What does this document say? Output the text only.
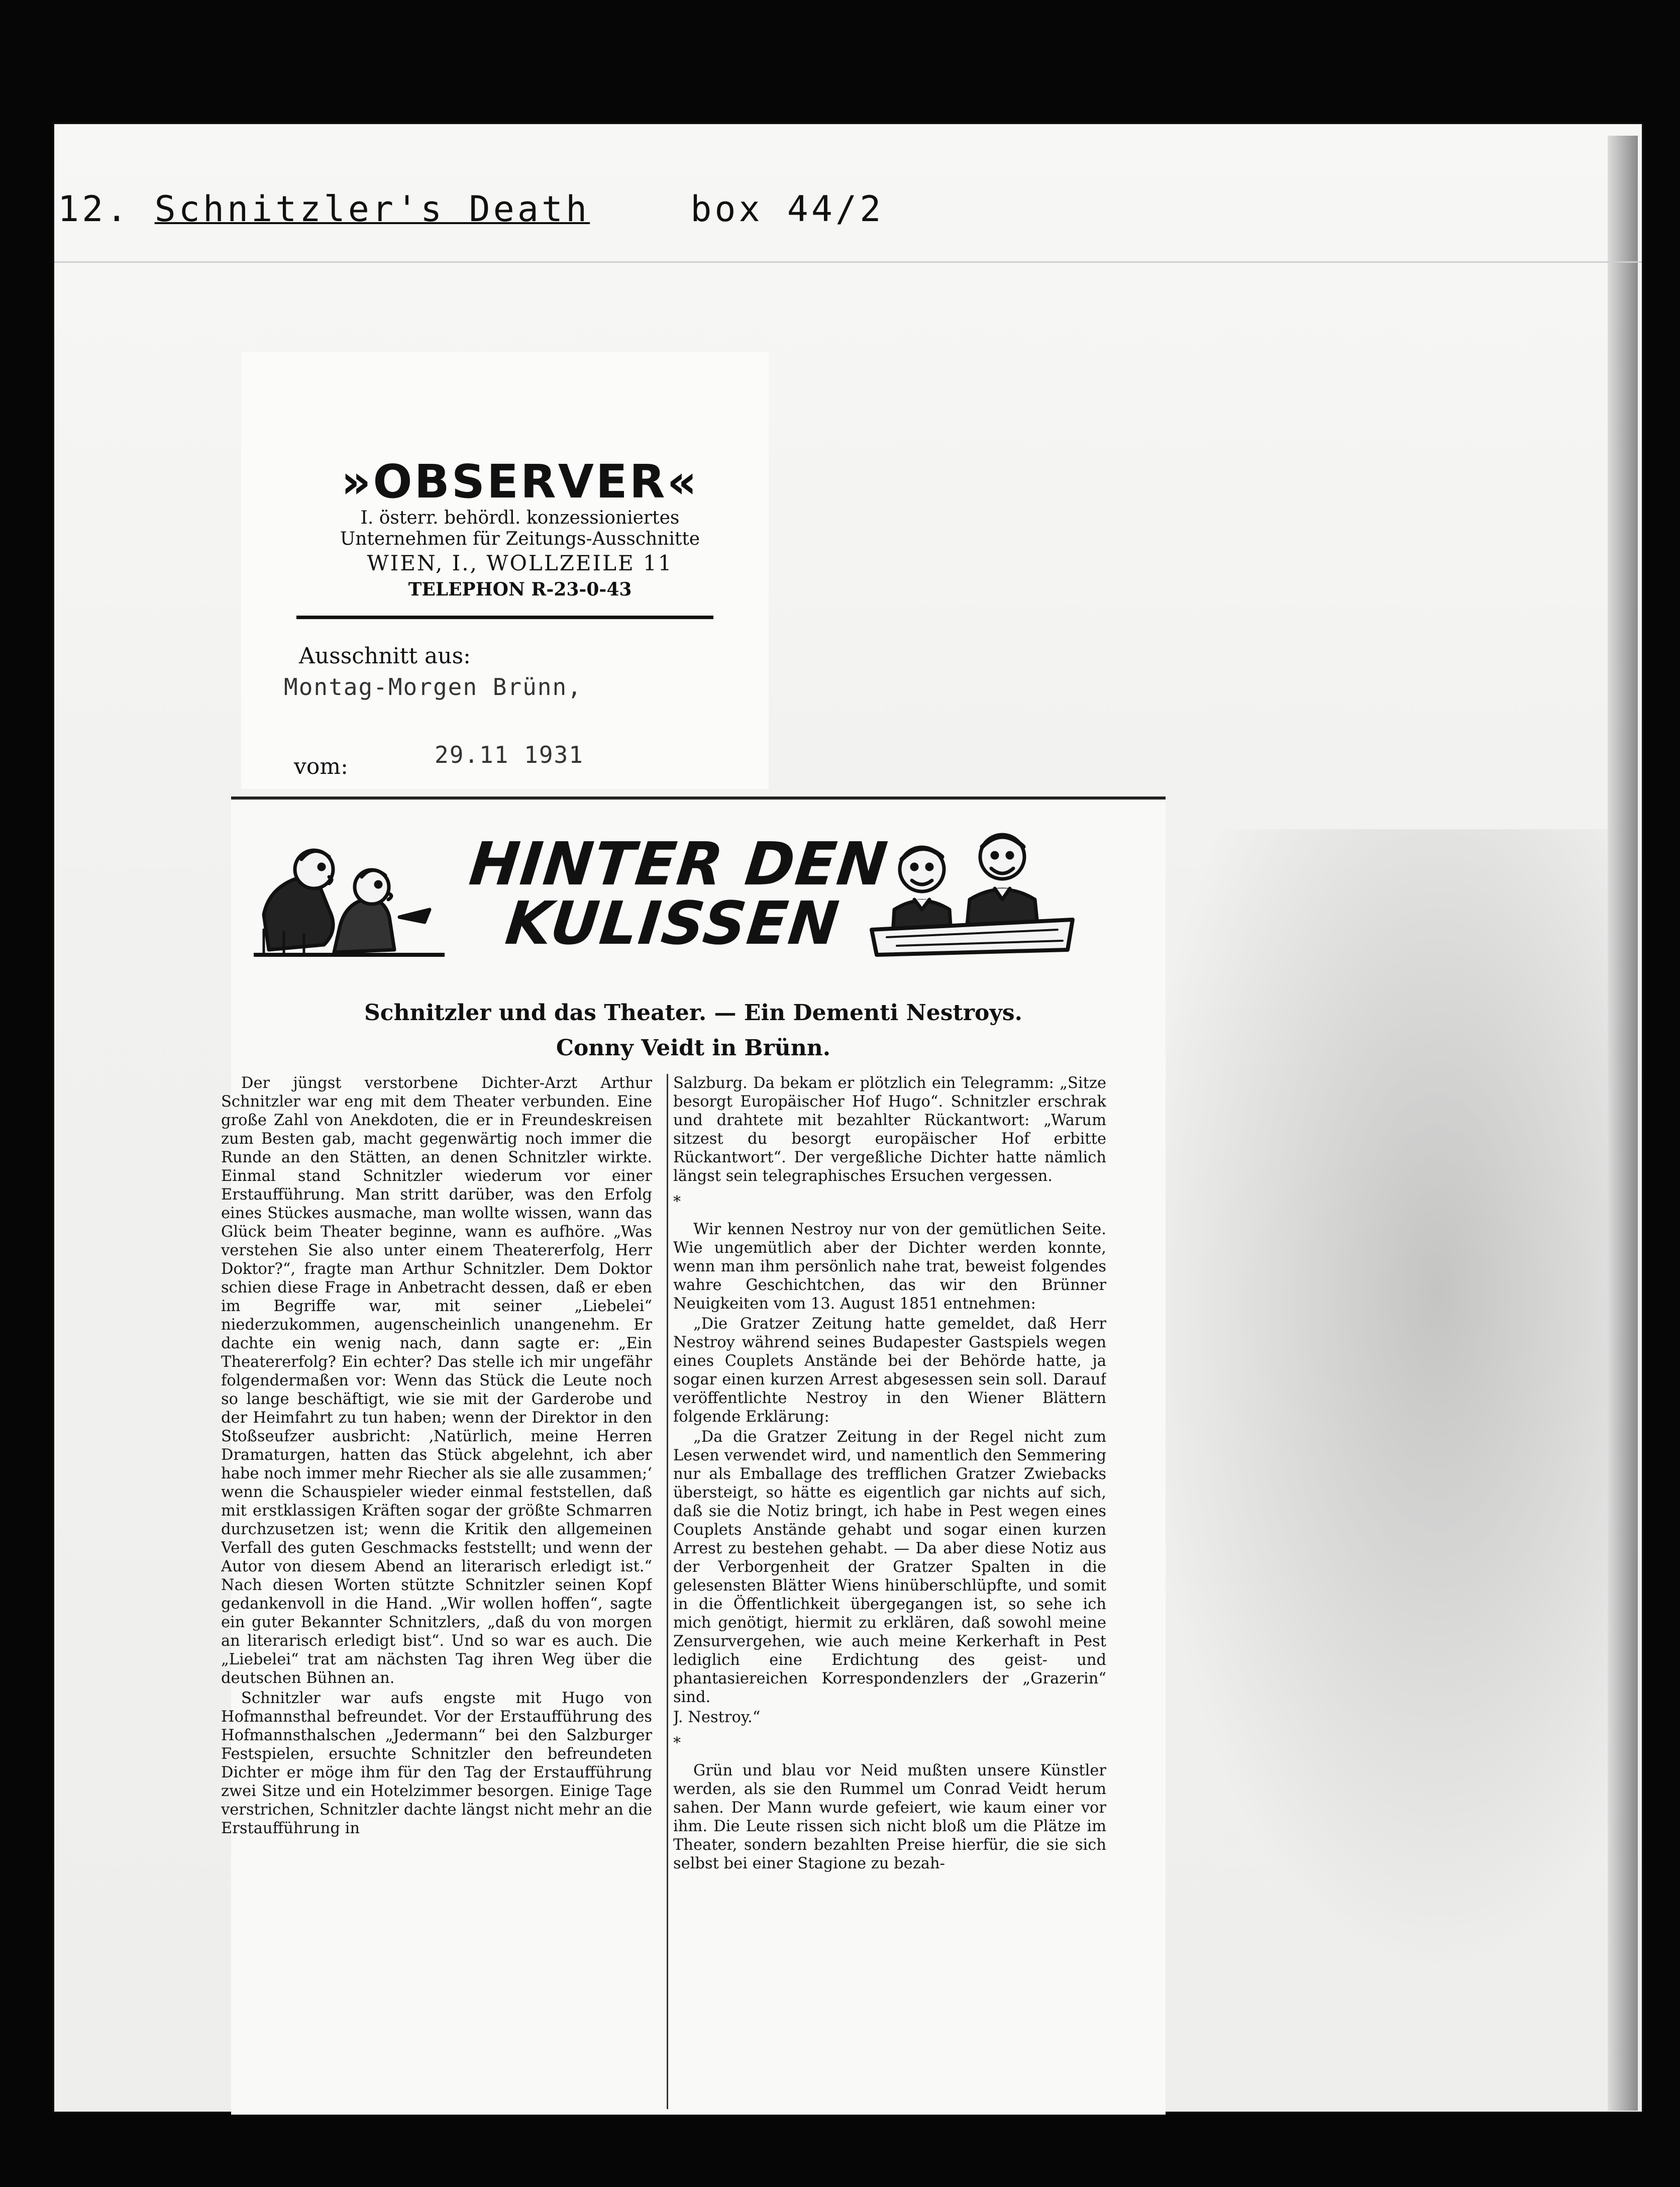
12. Schnitzler's Death	box 44/2
»OBSERVER«
I. österr. behördl. konzessioniertes
Unternehmen für Zeitungs-Ausschnitte
WIEN, I., WOLLZEILE 11
TELEPHON R-23-0-43
Ausschnitt aus:
Montag-Morgen Brünn,
vom:	29.11 1931
HINTER DEN
KULISSEN
Schnitzler und das Theater. — Ein Dementi Nestroys.
Conny Veidt in Brünn.

Der jüngst verstorbene Dichter-Arzt Arthur Schnitzler war eng mit dem Theater verbunden. Eine große Zahl von Anekdoten, die er in Freundeskreisen zum Besten gab, macht gegenwärtig noch immer die Runde an den Stätten, an denen Schnitzler wirkte. Einmal stand Schnitzler wiederum vor einer Erstaufführung. Man stritt darüber, was den Erfolg eines Stückes ausmache, man wollte wissen, wann das Glück beim Theater beginne, wann es aufhöre. „Was verstehen Sie also unter einem Theatererfolg, Herr Doktor?“, fragte man Arthur Schnitzler. Dem Doktor schien diese Frage in Anbetracht dessen, daß er eben im Begriffe war, mit seiner „Liebelei“ niederzukommen, augenscheinlich unangenehm. Er dachte ein wenig nach, dann sagte er: „Ein Theatererfolg? Ein echter? Das stelle ich mir ungefähr folgendermaßen vor: Wenn das Stück die Leute noch so lange beschäftigt, wie sie mit der Garderobe und der Heimfahrt zu tun haben; wenn der Direktor in den Stoßseufzer ausbricht: ‚Natürlich, meine Herren Dramaturgen, hatten das Stück abgelehnt, ich aber habe noch immer mehr Riecher als sie alle zusammen;‘ wenn die Schauspieler wieder einmal feststellen, daß mit erstklassigen Kräften sogar der größte Schmarren durchzusetzen ist; wenn die Kritik den allgemeinen Verfall des guten Geschmacks feststellt; und wenn der Autor von diesem Abend an literarisch erledigt ist.“ Nach diesen Worten stützte Schnitzler seinen Kopf gedankenvoll in die Hand. „Wir wollen hoffen“, sagte ein guter Bekannter Schnitzlers, „daß du von morgen an literarisch erledigt bist“. Und so war es auch. Die „Liebelei“ trat am nächsten Tag ihren Weg über die deutschen Bühnen an.

Schnitzler war aufs engste mit Hugo von Hofmannsthal befreundet. Vor der Erstaufführung des Hofmannsthalschen „Jedermann“ bei den Salzburger Festspielen, ersuchte Schnitzler den befreundeten Dichter er möge ihm für den Tag der Erstaufführung zwei Sitze und ein Hotelzimmer besorgen. Einige Tage verstrichen, Schnitzler dachte längst nicht mehr an die Erstaufführung in

Salzburg. Da bekam er plötzlich ein Telegramm: „Sitze besorgt Europäischer Hof Hugo“. Schnitzler erschrak und drahtete mit bezahlter Rückantwort: „Warum sitzest du besorgt europäischer Hof erbitte Rückantwort“. Der vergeßliche Dichter hatte nämlich längst sein telegraphisches Ersuchen vergessen.

*

Wir kennen Nestroy nur von der gemütlichen Seite. Wie ungemütlich aber der Dichter werden konnte, wenn man ihm persönlich nahe trat, beweist folgendes wahre Geschichtchen, das wir den Brünner Neuigkeiten vom 13. August 1851 entnehmen:

„Die Gratzer Zeitung hatte gemeldet, daß Herr Nestroy während seines Budapester Gastspiels wegen eines Couplets Anstände bei der Behörde hatte, ja sogar einen kurzen Arrest abgesessen sein soll. Darauf veröffentlichte Nestroy in den Wiener Blättern folgende Erklärung:

„Da die Gratzer Zeitung in der Regel nicht zum Lesen verwendet wird, und namentlich den Semmering nur als Emballage des trefflichen Gratzer Zwiebacks übersteigt, so hätte es eigentlich gar nichts auf sich, daß sie die Notiz bringt, ich habe in Pest wegen eines Couplets Anstände gehabt und sogar einen kurzen Arrest zu bestehen gehabt. — Da aber diese Notiz aus der Verborgenheit der Gratzer Spalten in die gelesensten Blätter Wiens hinüberschlüpfte, und somit in die Öffentlichkeit übergegangen ist, so sehe ich mich genötigt, hiermit zu erklären, daß sowohl meine Zensurvergehen, wie auch meine Kerkerhaft in Pest lediglich eine Erdichtung des geist- und phantasiereichen Korrespondenzlers der „Grazerin“ sind.

J. Nestroy.“

*

Grün und blau vor Neid mußten unsere Künstler werden, als sie den Rummel um Conrad Veidt herum sahen. Der Mann wurde gefeiert, wie kaum einer vor ihm. Die Leute rissen sich nicht bloß um die Plätze im Theater, sondern bezahlten Preise hierfür, die sie sich selbst bei einer Stagione zu bezah-
